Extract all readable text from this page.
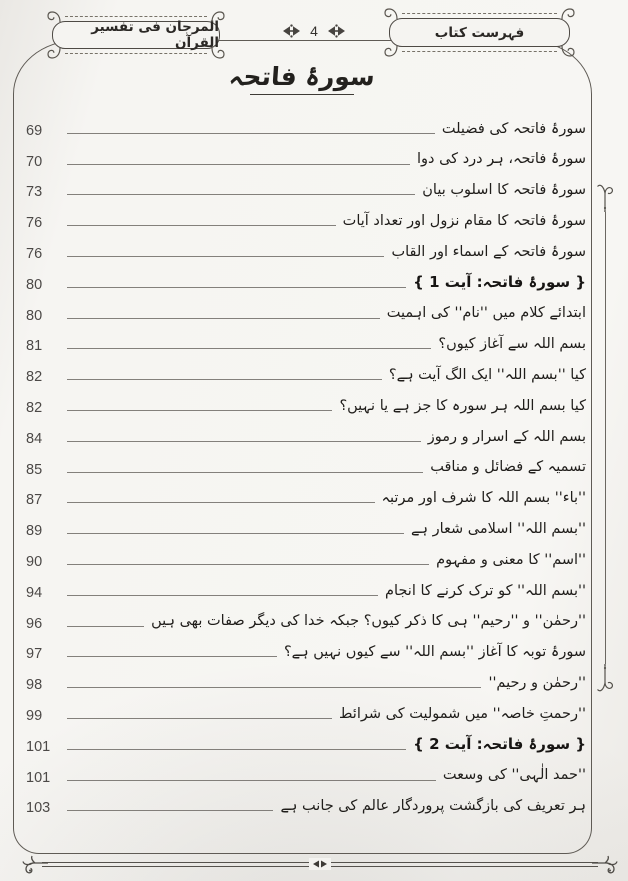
المرجان فى تفسير القرآن
4	فہرست کتاب
سورۂ فاتحہ
سورۂ فاتحہ کی فضیلت
69
سورۂ فاتحہ، ہر درد کی دوا
70
سورۂ فاتحہ کا اسلوب بیان
73
سورۂ فاتحہ کا مقام نزول اور تعداد آیات
76
سورۂ فاتحہ کے اسماء اور القاب
76
{ سورۂ فاتحہ: آیت 1 }
80
ابتدائے کلام میں ''نام'' کی اہمیت
80
بسم اللہ سے آغاز کیوں؟
81
کیا ''بسم اللہ'' ایک الگ آیت ہے؟
82
کیا بسم اللہ ہر سورہ کا جز ہے یا نہیں؟
82
بسم اللہ کے اسرار و رموز
84
تسمیہ کے فضائل و مناقب
85
''باء'' بسم اللہ کا شرف اور مرتبہ
87
''بسم اللہ'' اسلامی شعار ہے
89
''اسم'' کا معنی و مفہوم
90
''بسم اللہ'' کو ترک کرنے کا انجام
94
''رحمٰن'' و ''رحیم'' ہی کا ذکر کیوں؟ جبکہ خدا کی دیگر صفات بھی ہیں
96
سورۂ توبہ کا آغاز ''بسم اللہ'' سے کیوں نہیں ہے؟
97
''رحمٰن و رحیم''
98
''رحمتِ خاصہ'' میں شمولیت کی شرائط
99
{ سورۂ فاتحہ: آیت 2 }
101
''حمد الٰہی'' کی وسعت
101
ہر تعریف کی بازگشت پروردگار عالم کی جانب ہے
103
